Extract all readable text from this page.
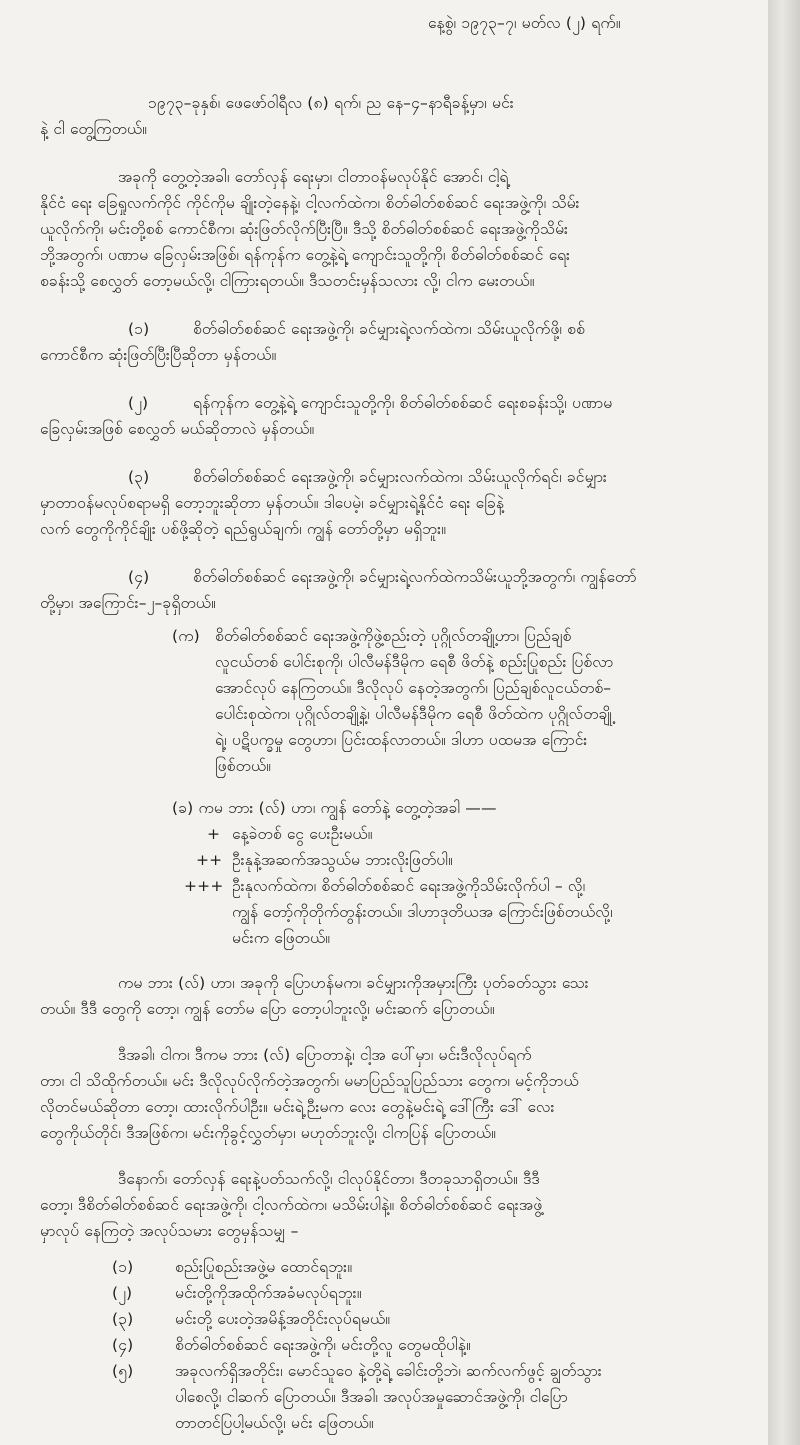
နေ့စွဲ၊ ၁၉၇၃–၇၊ မတ်လ (၂) ရက်။
၁၉၇၃–ခုနှစ်၊ ဖေဖော်ဝါရီလ (၈) ရက်၊ ည နေ–၄–နာရီခန့်မှာ၊ မင်း
နဲ့ ငါ တွေ့ကြတယ်။
အခုကို တွေ့တဲ့အခါ၊ တော်လှန် ရေးမှာ၊ ငါတာဝန်မလုပ်နိုင် အောင်၊ ငါ့ရဲ့
နိုင်ငံ ရေး ခြေရှုလက်ကိုင် ကိုင်ကိုမ ချိုးတဲ့နေနဲ့၊ ငါ့လက်ထဲက၊ စိတ်ဓါတ်စစ်ဆင် ရေးအဖွဲ့ကို၊ သိမ်း
ယူလိုက်ကို၊ မင်းတို့စစ် ကောင်စီက၊ ဆုံးဖြတ်လိုက်ပြီးပြီ။ ဒီသို့ စိတ်ဓါတ်စစ်ဆင် ရေးအဖွဲ့ကိုသိမ်း
ဘို့အတွက်၊ ပဏာမ ခြေလှမ်းအဖြစ်၊ ရန်ကုန်က တွေ့နဲ့ရဲ့ ကျောင်းသူတို့ကို၊ စိတ်ဓါတ်စစ်ဆင် ရေး
စခန်းသို့ စေလွှတ် တော့မယ်လို့၊ ငါကြားရတယ်။ ဒီသတင်းမှန်သလား လို့၊ ငါက မေးတယ်။
(၁)	စိတ်ဓါတ်စစ်ဆင် ရေးအဖွဲ့ကို၊ ခင်မျှားရဲ့လက်ထဲက၊ သိမ်းယူလိုက်ဖို့၊ စစ်
ကောင်စီက ဆုံးဖြတ်ပြီးပြီဆိုတာ မှန်တယ်။
(၂)	ရန်ကုန်က တွေ့နဲ့ရဲ့ ကျောင်းသူတို့ကို၊ စိတ်ဓါတ်စစ်ဆင် ရေးစခန်းသို့၊ ပဏာမ
ခြေလှမ်းအဖြစ် စေလွှတ် မယ်ဆိုတာလဲ မှန်တယ်။
(၃)	စိတ်ဓါတ်စစ်ဆင် ရေးအဖွဲ့ကို၊ ခင်မျှားလက်ထဲက၊ သိမ်းယူလိုက်ရင်၊ ခင်မျှား
မှာတာဝန်မလုပ်စရာမရှိ တော့ဘူးဆိုတာ မှန်တယ်။ ဒါပေမဲ့၊ ခင်မျှားရဲ့နိုင်ငံ ရေး ခြေနဲ့
လက် တွေကိုကိုင်ချိုး ပစ်ဖို့ဆိုတဲ့ ရည်ရွယ်ချက်၊ ကျွန် တော်တို့မှာ မရှိဘူး။
(၄)	စိတ်ဓါတ်စစ်ဆင် ရေးအဖွဲ့ကို၊ ခင်မျှားရဲ့လက်ထဲကသိမ်းယူဘို့အတွက်၊ ကျွန်တော်
တို့မှာ၊ အကြောင်း–၂–ခုရှိတယ်။
(က) စိတ်ဓါတ်စစ်ဆင် ရေးအဖွဲ့ကိုဖွဲ့စည်းတဲ့ ပုဂ္ဂိုလ်တချို့ဟာ၊ ပြည်ချစ်
လူငယ်တစ် ပေါင်းစုကို၊ ပါလီမန်ဒီမိုက ရေစီ ဖိတ်နဲ့ စည်းပြုစည်း ပြစ်လာ
အောင်လုပ် နေကြတယ်။ ဒီလိုလုပ် နေတဲ့အတွက်၊ ပြည်ချစ်လူငယ်တစ်–
ပေါင်းစုထဲက၊ ပုဂ္ဂိုလ်တချို့နဲ့၊ ပါလီမန်ဒီမိုက ရေစီ ဖိတ်ထဲက ပုဂ္ဂိုလ်တချို့
ရဲ့၊ ပဋိပက္ခမှု တွေဟာ၊ ပြင်းထန်လာတယ်။ ဒါဟာ ပထမအ ကြောင်း
ဖြစ်တယ်။
(ခ) ကမ ဘား (လ်) ဟာ၊ ကျွန် တော်နဲ့ တွေ့တဲ့အခါ ——
+ နေ့ခဲတစ် ငွေ ပေးဦးမယ်။
++ ဦးနုနဲ့အဆက်အသွယ်မ ဘားလိုးဖြတ်ပါ။
+++ ဦးနုလက်ထဲက၊ စိတ်ဓါတ်စစ်ဆင် ရေးအဖွဲ့ကိုသိမ်းလိုက်ပါ – လို့၊
ကျွန် တော့်ကိုတိုက်တွန်းတယ်။ ဒါဟာဒုတိယအ ကြောင်းဖြစ်တယ်လို့၊
မင်းက ဖြေတယ်။
ကမ ဘား (လ်) ဟာ၊ အခုကို ပြောဟန်မက၊ ခင်မျှားကိုအမှားကြီး ပုတ်ခတ်သွား သေး
တယ်။ ဒီဒီ တွေကို တော့၊ ကျွန် တော်မ ပြော တော့ပါဘူးလို့၊ မင်းဆက် ပြောတယ်။
ဒီအခါ၊ ငါက၊ ဒီကမ ဘား (လ်) ပြောတာနဲ့၊ ငါ့အ ပေါ်မှာ၊ မင်းဒီလိုလုပ်ရက်
တာ၊ ငါ သိထိုက်တယ်။ မင်း ဒီလိုလုပ်လိုက်တဲ့အတွက်၊ မမာပြည်သူပြည်သား တွေက၊ မင့်ကိုဘယ်
လိုတင်မယ်ဆိုတာ တော့၊ ထားလိုက်ပါဦး။ မင်းရဲ့ဉီးမက လေး တွေနဲ့မင်းရဲ့ ဒေါ်ကြီး ဒေါ် လေး
တွေကိုယ်တိုင်၊ ဒီအဖြစ်က၊ မင်းကိုခွင့်လွှတ်မှာ၊ မဟုတ်ဘူးလို့၊ ငါကပြန် ပြောတယ်။
ဒီနောက်၊ တော်လှန် ရေးနဲ့ပတ်သက်လို့၊ ငါလုပ်နိုင်တာ၊ ဒီတခုသာရှိတယ်။ ဒီဒီ
တော့၊ ဒီစိတ်ဓါတ်စစ်ဆင် ရေးအဖွဲ့ကို၊ ငါ့လက်ထဲက၊ မသိမ်းပါနဲ့။ စိတ်ဓါတ်စစ်ဆင် ရေးအဖွဲ့
မှာလုပ် နေကြတဲ့ အလုပ်သမား တွေမှန်သမျှ –
(၁)	စည်းပြုစည်းအဖွဲ့မ ထောင်ရဘူး။
(၂)	မင်းတို့ကိုအထိုက်အခံမလုပ်ရဘူး။
(၃)	မင်းတို့ ပေးတဲ့အမိန့်အတိုင်းလုပ်ရမယ်။
(၄)	စိတ်ဓါတ်စစ်ဆင် ရေးအဖွဲ့ကို၊ မင်းတို့လူ တွေမထိုပါနဲ့။
(၅)	အခုလက်ရှိအတိုင်း၊ မောင်သူဝေ နဲ့တို့ရဲ့ ခေါင်းတို့ဘဲ၊ ဆက်လက်ဖွင့် ချွတ်သွား
ပါစေလို့၊ ငါဆက် ပြောတယ်။ ဒီအခါ၊ အလုပ်အမှုဆောင်အဖွဲ့ကို၊ ငါပြော
တာတင်ပြပါ့မယ်လို့၊ မင်း ဖြေတယ်။
